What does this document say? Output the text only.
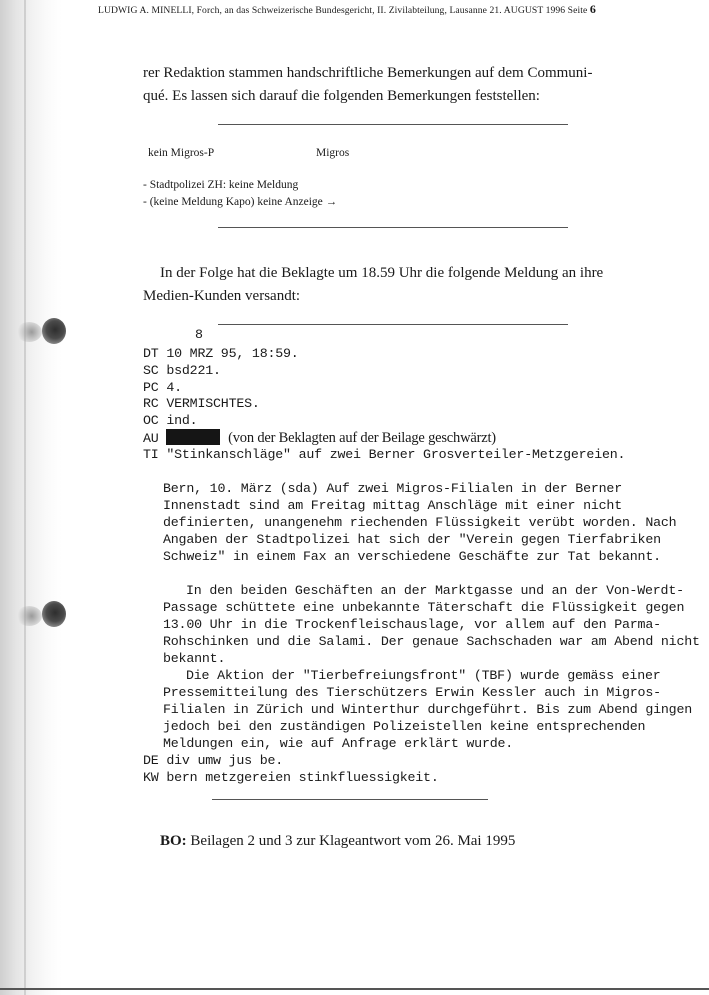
LUDWIG A. MINELLI, Forch, an das Schweizerische Bundesgericht, II. Zivilabteilung, Lausanne 21. AUGUST 1996 Seite 6
rer Redaktion stammen handschriftliche Bemerkungen auf dem Communi-
qué. Es lassen sich darauf die folgenden Bemerkungen feststellen:
kein Migros-P	Migros
- Stadtpolizei ZH: keine Meldung
- (keine Meldung Kapo) keine Anzeige →
In der Folge hat die Beklagte um 18.59 Uhr die folgende Meldung an ihre
Medien-Kunden versandt:
8
DT 10 MRZ 95, 18:59.
SC bsd221.
PC 4.
RC VERMISCHTES.
OC ind.
AU	(von der Beklagten auf der Beilage geschwärzt)
TI "Stinkanschläge" auf zwei Berner Grosverteiler-Metzgereien.
Bern, 10. März (sda) Auf zwei Migros-Filialen in der Berner
Innenstadt sind am Freitag mittag Anschläge mit einer nicht
definierten, unangenehm riechenden Flüssigkeit verübt worden. Nach
Angaben der Stadtpolizei hat sich der "Verein gegen Tierfabriken
Schweiz" in einem Fax an verschiedene Geschäfte zur Tat bekannt.
In den beiden Geschäften an der Marktgasse und an der Von-Werdt-
Passage schüttete eine unbekannte Täterschaft die Flüssigkeit gegen
13.00 Uhr in die Trockenfleischauslage, vor allem auf den Parma-
Rohschinken und die Salami. Der genaue Sachschaden war am Abend nicht
bekannt.
Die Aktion der "Tierbefreiungsfront" (TBF) wurde gemäss einer
Pressemitteilung des Tierschützers Erwin Kessler auch in Migros-
Filialen in Zürich und Winterthur durchgeführt. Bis zum Abend gingen
jedoch bei den zuständigen Polizeistellen keine entsprechenden
Meldungen ein, wie auf Anfrage erklärt wurde.
DE div umw jus be.
KW bern metzgereien stinkfluessigkeit.
BO: Beilagen 2 und 3 zur Klageantwort vom 26. Mai 1995
